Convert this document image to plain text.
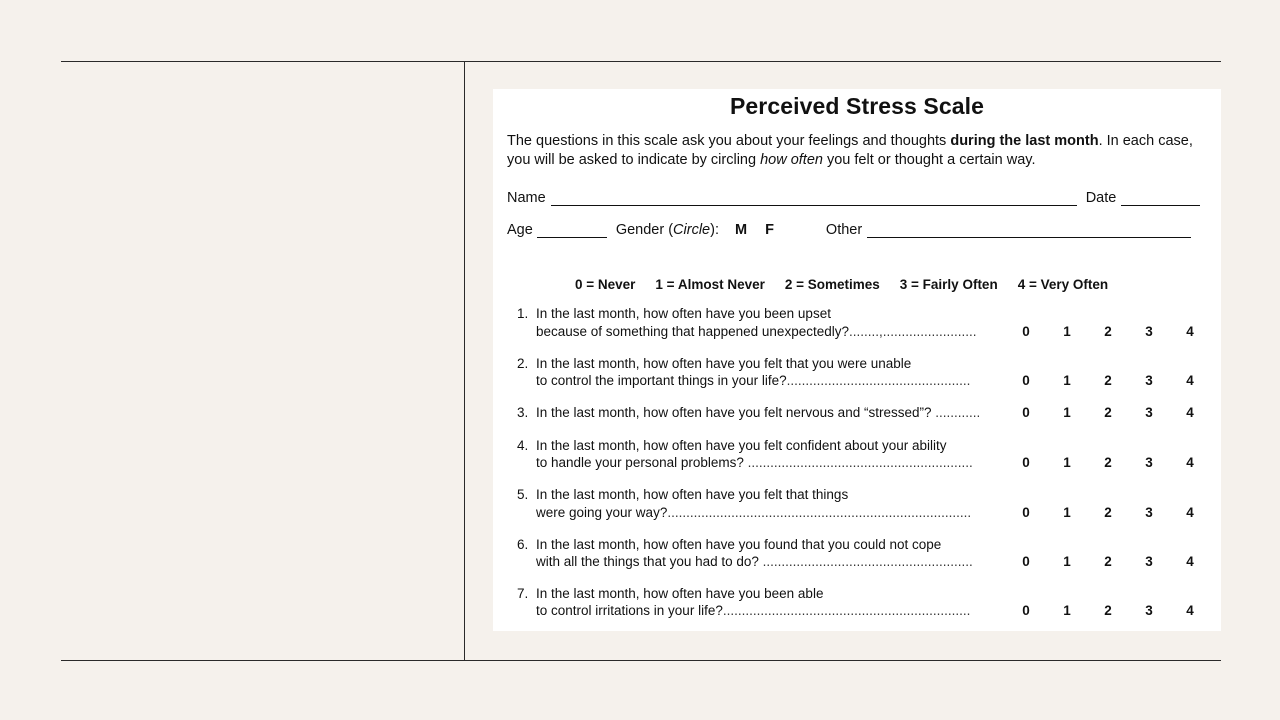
Perceived Stress Scale
The questions in this scale ask you about your feelings and thoughts during the last month. In each case, you will be asked to indicate by circling how often you felt or thought a certain way.
Name	Date
Age	Gender (Circle): M F	Other
0 = Never 1 = Almost Never 2 = Sometimes 3 = Fairly Often 4 = Very Often
1. In the last month, how often have you been upset
because of something that happened unexpectedly?........,.........................	0 1 2 3 4
2. In the last month, how often have you felt that you were unable
to control the important things in your life?.................................................	0 1 2 3 4
3. In the last month, how often have you felt nervous and “stressed”? ............	0 1 2 3 4
4. In the last month, how often have you felt confident about your ability
to handle your personal problems? ............................................................	0 1 2 3 4
5. In the last month, how often have you felt that things
were going your way?.................................................................................	0 1 2 3 4
6. In the last month, how often have you found that you could not cope
with all the things that you had to do? ........................................................	0 1 2 3 4
7. In the last month, how often have you been able
to control irritations in your life?..................................................................	0 1 2 3 4
